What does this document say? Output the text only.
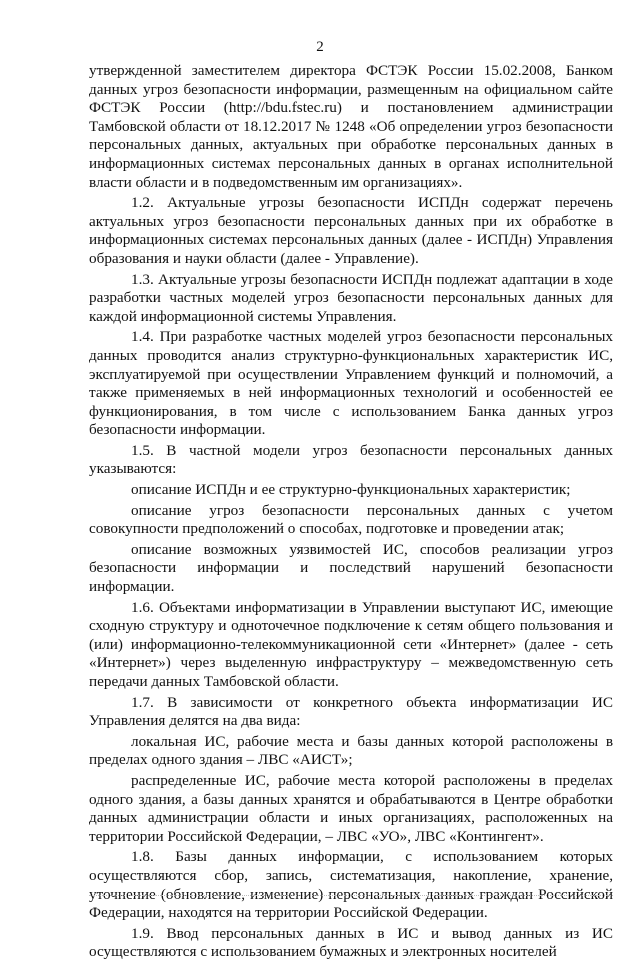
2

утвержденной заместителем директора ФСТЭК России 15.02.2008, Банком данных угроз безопасности информации, размещенным на официальном сайте ФСТЭК России (http://bdu.fstec.ru) и постановлением администрации Тамбовской области от 18.12.2017 № 1248 «Об определении угроз безопасности персональных данных, актуальных при обработке персональных данных в информационных системах персональных данных в органах исполнительной власти области и в подведомственным им организациях».

1.2. Актуальные угрозы безопасности ИСПДн содержат перечень актуальных угроз безопасности персональных данных при их обработке в информационных системах персональных данных (далее - ИСПДн) Управления образования и науки области (далее - Управление).

1.3. Актуальные угрозы безопасности ИСПДн подлежат адаптации в ходе разработки частных моделей угроз безопасности персональных данных для каждой информационной системы Управления.

1.4. При разработке частных моделей угроз безопасности персональных данных проводится анализ структурно-функциональных характеристик ИС, эксплуатируемой при осуществлении Управлением функций и полномочий, а также применяемых в ней информационных технологий и особенностей ее функционирования, в том числе с использованием Банка данных угроз безопасности информации.

1.5. В частной модели угроз безопасности персональных данных указываются:

описание ИСПДн и ее структурно-функциональных характеристик;

описание угроз безопасности персональных данных с учетом совокупности предположений о способах, подготовке и проведении атак;

описание возможных уязвимостей ИС, способов реализации угроз безопасности информации и последствий нарушений безопасности информации.

1.6. Объектами информатизации в Управлении выступают ИС, имеющие сходную структуру и одноточечное подключение к сетям общего пользования и (или) информационно-телекоммуникационной сети «Интернет» (далее - сеть «Интернет») через выделенную инфраструктуру – межведомственную сеть передачи данных Тамбовской области.

1.7. В зависимости от конкретного объекта информатизации ИС Управления делятся на два вида:

локальная ИС, рабочие места и базы данных которой расположены в пределах одного здания – ЛВС «АИСТ»;

распределенные ИС, рабочие места которой расположены в пределах одного здания, а базы данных хранятся и обрабатываются в Центре обработки данных администрации области и иных организациях, расположенных на территории Российской Федерации, – ЛВС «УО», ЛВС «Контингент».

1.8. Базы данных информации, с использованием которых осуществляются сбор, запись, систематизация, накопление, хранение, уточнение (обновление, изменение) персональных данных граждан Российской Федерации, находятся на территории Российской Федерации.

1.9. Ввод персональных данных в ИС и вывод данных из ИС осуществляются с использованием бумажных и электронных носителей
